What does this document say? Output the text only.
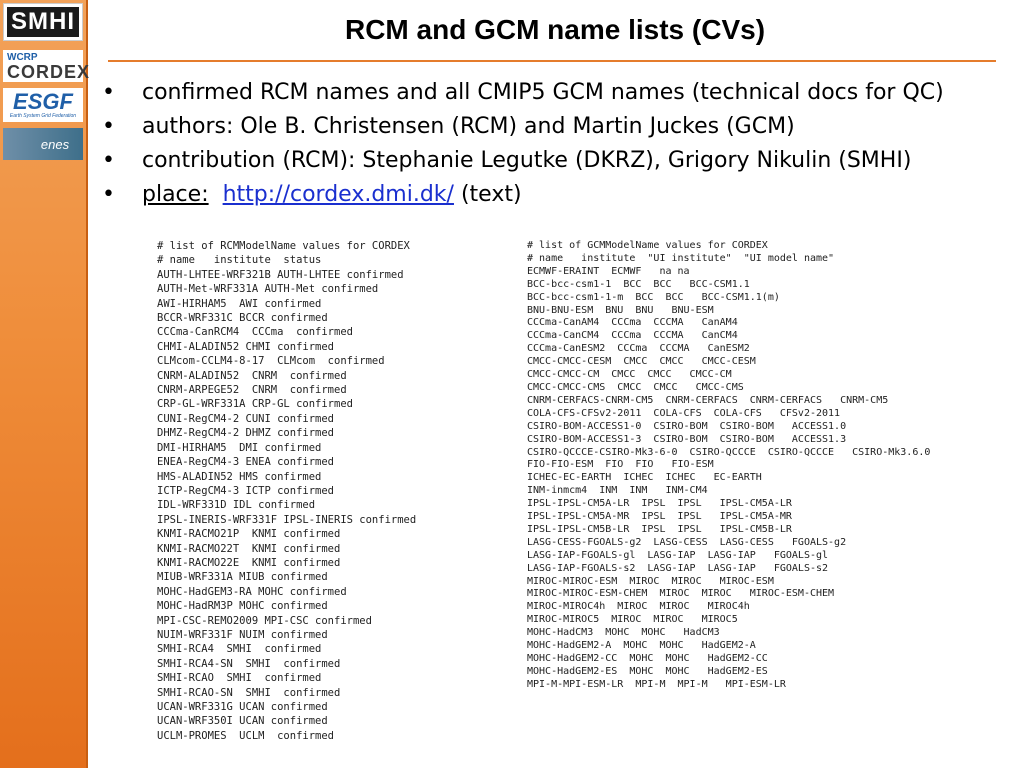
SMHI
WCRP
CORDEX
ESGF
Earth System Grid Federation
enes
RCM and GCM name lists (CVs)
• confirmed RCM names and all CMIP5 GCM names (technical docs for QC)
• authors: Ole B. Christensen (RCM) and Martin Juckes (GCM)
• contribution (RCM): Stephanie Legutke (DKRZ), Grigory Nikulin (SMHI)
• place: http://cordex.dmi.dk/ (text)
# list of RCMModelName values for CORDEX
# name   institute  status
AUTH-LHTEE-WRF321B AUTH-LHTEE confirmed
AUTH-Met-WRF331A AUTH-Met confirmed
AWI-HIRHAM5  AWI confirmed
BCCR-WRF331C BCCR confirmed
CCCma-CanRCM4  CCCma  confirmed
CHMI-ALADIN52 CHMI confirmed
CLMcom-CCLM4-8-17  CLMcom  confirmed
CNRM-ALADIN52  CNRM  confirmed
CNRM-ARPEGE52  CNRM  confirmed
CRP-GL-WRF331A CRP-GL confirmed
CUNI-RegCM4-2 CUNI confirmed
DHMZ-RegCM4-2 DHMZ confirmed
DMI-HIRHAM5  DMI confirmed
ENEA-RegCM4-3 ENEA confirmed
HMS-ALADIN52 HMS confirmed
ICTP-RegCM4-3 ICTP confirmed
IDL-WRF331D IDL confirmed
IPSL-INERIS-WRF331F IPSL-INERIS confirmed
KNMI-RACMO21P  KNMI confirmed
KNMI-RACMO22T  KNMI confirmed
KNMI-RACMO22E  KNMI confirmed
MIUB-WRF331A MIUB confirmed
MOHC-HadGEM3-RA MOHC confirmed
MOHC-HadRM3P MOHC confirmed
MPI-CSC-REMO2009 MPI-CSC confirmed
NUIM-WRF331F NUIM confirmed
SMHI-RCA4  SMHI  confirmed
SMHI-RCA4-SN  SMHI  confirmed
SMHI-RCAO  SMHI  confirmed
SMHI-RCAO-SN  SMHI  confirmed
UCAN-WRF331G UCAN confirmed
UCAN-WRF350I UCAN confirmed
UCLM-PROMES  UCLM  confirmed
# list of GCMModelName values for CORDEX
# name   institute  "UI institute"  "UI model name"
ECMWF-ERAINT  ECMWF   na na
BCC-bcc-csm1-1  BCC  BCC   BCC-CSM1.1
BCC-bcc-csm1-1-m  BCC  BCC   BCC-CSM1.1(m)
BNU-BNU-ESM  BNU  BNU   BNU-ESM
CCCma-CanAM4  CCCma  CCCMA   CanAM4
CCCma-CanCM4  CCCma  CCCMA   CanCM4
CCCma-CanESM2  CCCma  CCCMA   CanESM2
CMCC-CMCC-CESM  CMCC  CMCC   CMCC-CESM
CMCC-CMCC-CM  CMCC  CMCC   CMCC-CM
CMCC-CMCC-CMS  CMCC  CMCC   CMCC-CMS
CNRM-CERFACS-CNRM-CM5  CNRM-CERFACS  CNRM-CERFACS   CNRM-CM5
COLA-CFS-CFSv2-2011  COLA-CFS  COLA-CFS   CFSv2-2011
CSIRO-BOM-ACCESS1-0  CSIRO-BOM  CSIRO-BOM   ACCESS1.0
CSIRO-BOM-ACCESS1-3  CSIRO-BOM  CSIRO-BOM   ACCESS1.3
CSIRO-QCCCE-CSIRO-Mk3-6-0  CSIRO-QCCCE  CSIRO-QCCCE   CSIRO-Mk3.6.0
FIO-FIO-ESM  FIO  FIO   FIO-ESM
ICHEC-EC-EARTH  ICHEC  ICHEC   EC-EARTH
INM-inmcm4  INM  INM   INM-CM4
IPSL-IPSL-CM5A-LR  IPSL  IPSL   IPSL-CM5A-LR
IPSL-IPSL-CM5A-MR  IPSL  IPSL   IPSL-CM5A-MR
IPSL-IPSL-CM5B-LR  IPSL  IPSL   IPSL-CM5B-LR
LASG-CESS-FGOALS-g2  LASG-CESS  LASG-CESS   FGOALS-g2
LASG-IAP-FGOALS-gl  LASG-IAP  LASG-IAP   FGOALS-gl
LASG-IAP-FGOALS-s2  LASG-IAP  LASG-IAP   FGOALS-s2
MIROC-MIROC-ESM  MIROC  MIROC   MIROC-ESM
MIROC-MIROC-ESM-CHEM  MIROC  MIROC   MIROC-ESM-CHEM
MIROC-MIROC4h  MIROC  MIROC   MIROC4h
MIROC-MIROC5  MIROC  MIROC   MIROC5
MOHC-HadCM3  MOHC  MOHC   HadCM3
MOHC-HadGEM2-A  MOHC  MOHC   HadGEM2-A
MOHC-HadGEM2-CC  MOHC  MOHC   HadGEM2-CC
MOHC-HadGEM2-ES  MOHC  MOHC   HadGEM2-ES
MPI-M-MPI-ESM-LR  MPI-M  MPI-M   MPI-ESM-LR
